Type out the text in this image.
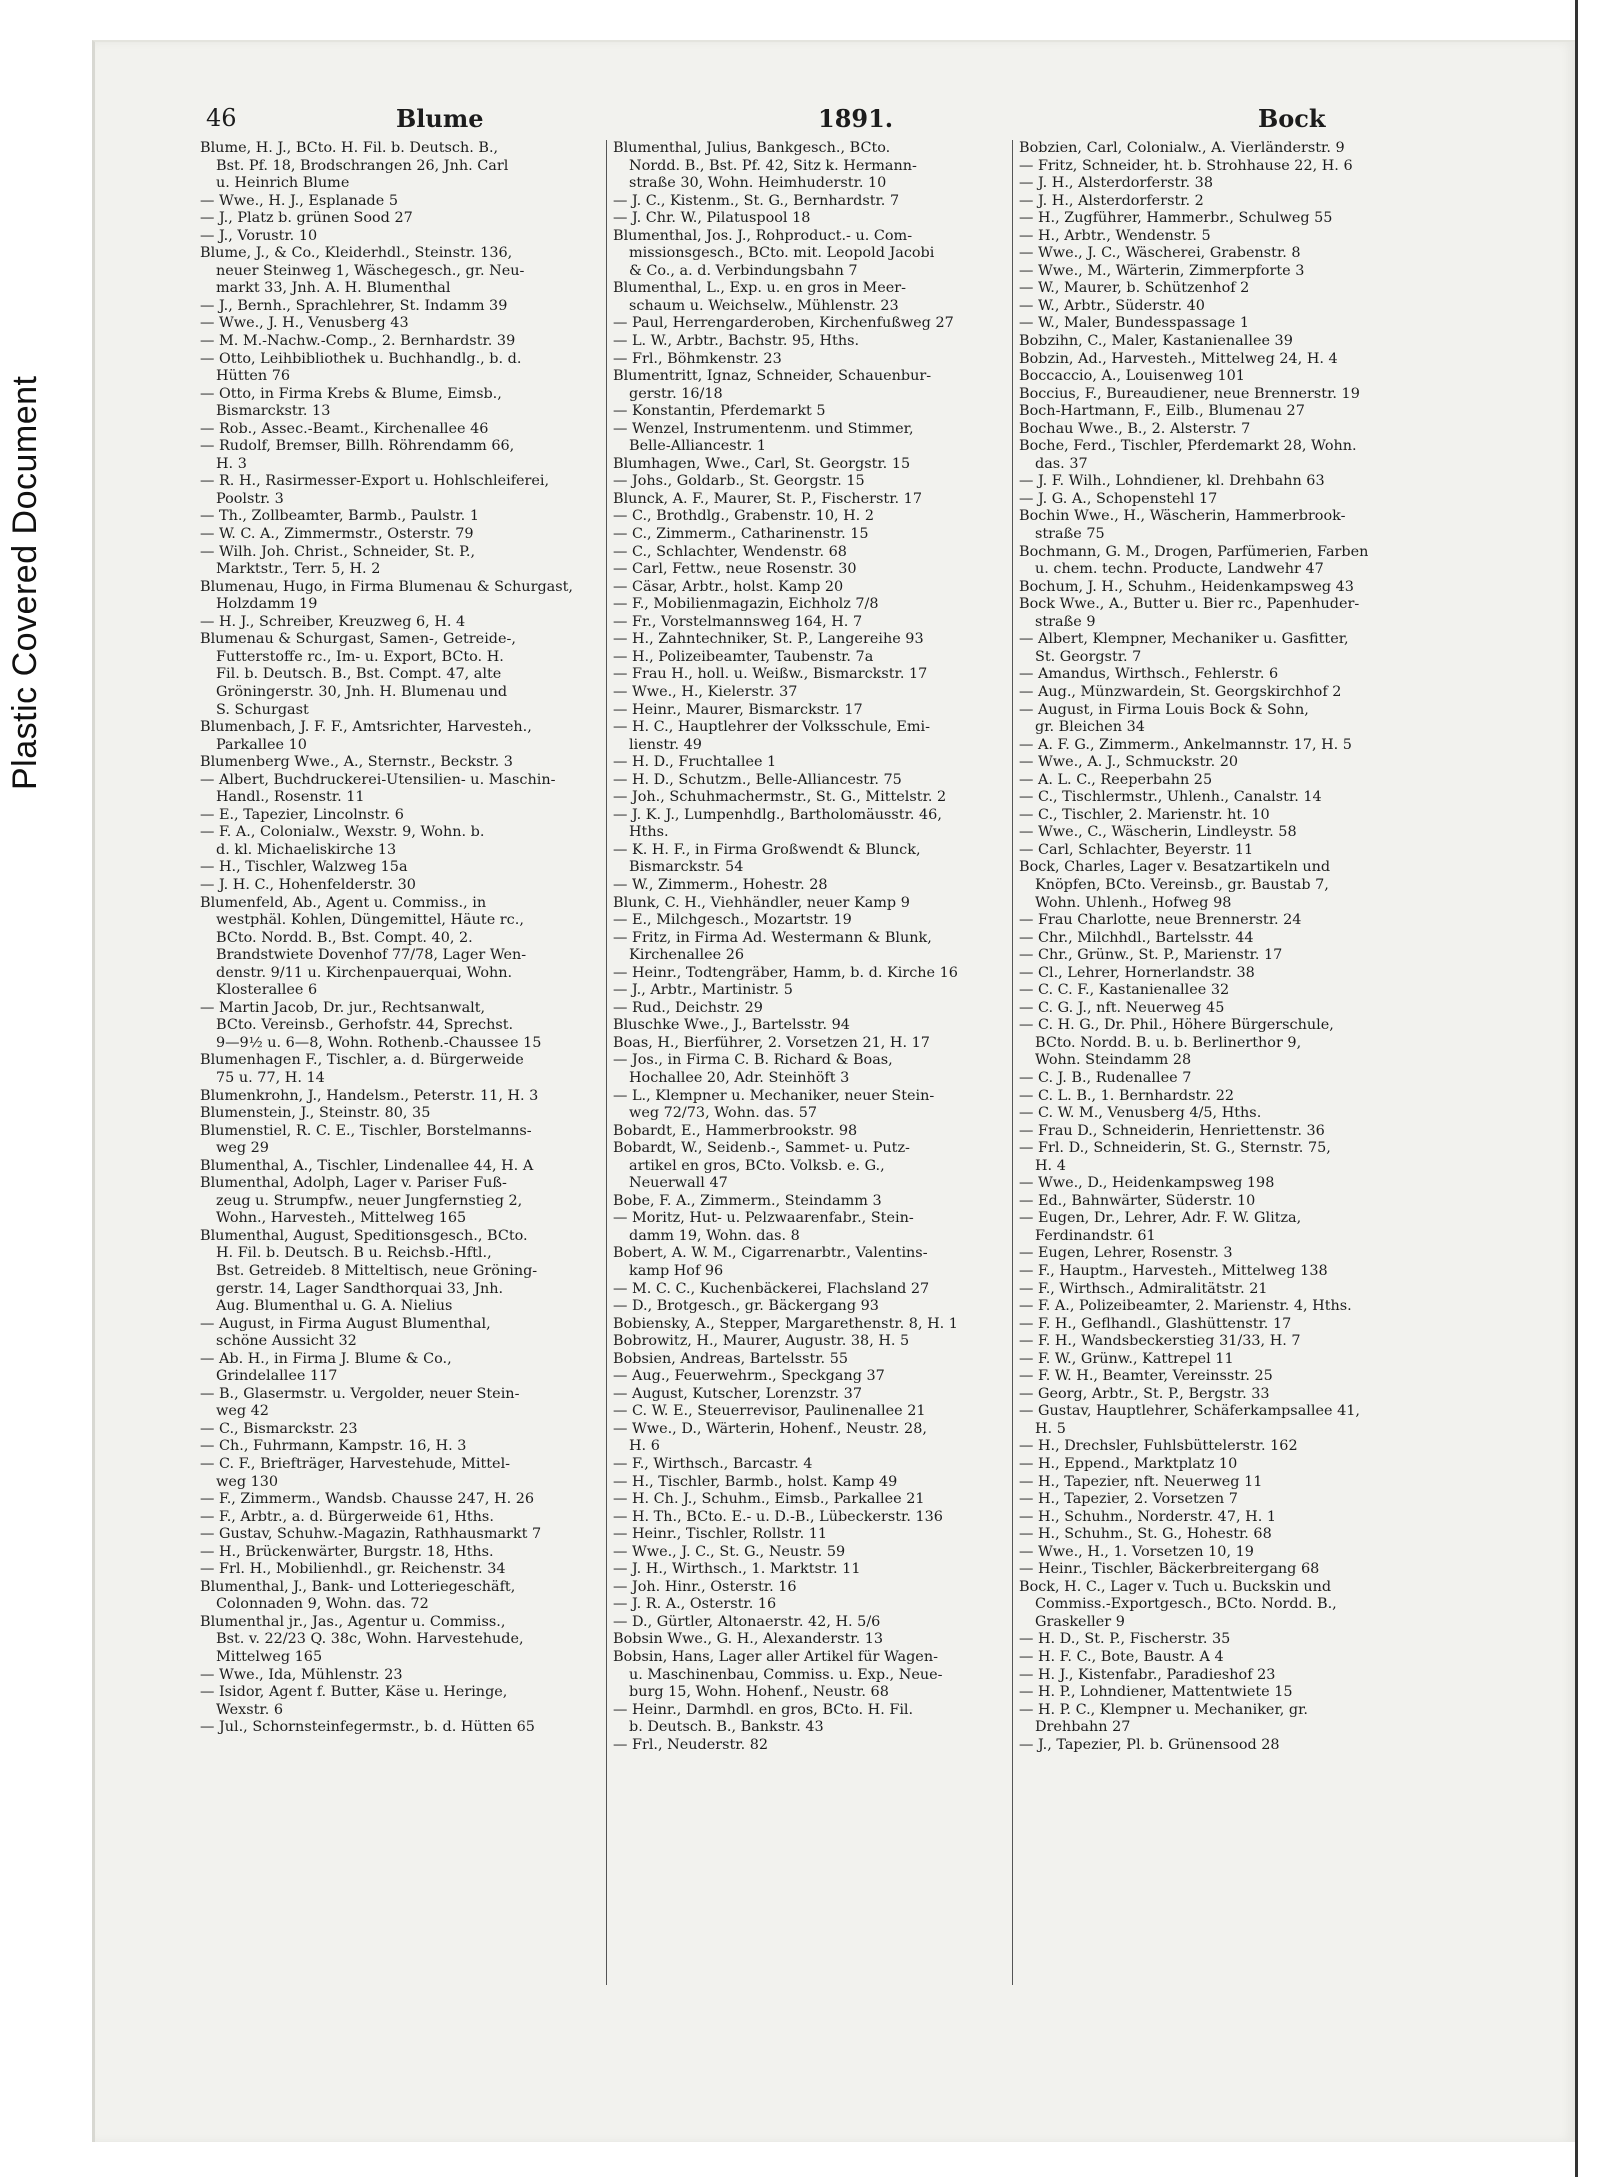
Plastic Covered Document
46	Blume	1891.	Bock
Blume, H. J., BCto. H. Fil. b. Deutsch. B.,
Bst. Pf. 18, Brodschrangen 26, Jnh. Carl
u. Heinrich Blume
— Wwe., H. J., Esplanade 5
— J., Platz b. grünen Sood 27
— J., Vorustr. 10
Blume, J., & Co., Kleiderhdl., Steinstr. 136,
neuer Steinweg 1, Wäschegesch., gr. Neu-
markt 33, Jnh. A. H. Blumenthal
— J., Bernh., Sprachlehrer, St. Indamm 39
— Wwe., J. H., Venusberg 43
— M. M.-Nachw.-Comp., 2. Bernhardstr. 39
— Otto, Leihbibliothek u. Buchhandlg., b. d.
Hütten 76
— Otto, in Firma Krebs & Blume, Eimsb.,
Bismarckstr. 13
— Rob., Assec.-Beamt., Kirchenallee 46
— Rudolf, Bremser, Billh. Röhrendamm 66,
H. 3
— R. H., Rasirmesser-Export u. Hohlschleiferei,
Poolstr. 3
— Th., Zollbeamter, Barmb., Paulstr. 1
— W. C. A., Zimmermstr., Osterstr. 79
— Wilh. Joh. Christ., Schneider, St. P.,
Marktstr., Terr. 5, H. 2
Blumenau, Hugo, in Firma Blumenau & Schurgast,
Holzdamm 19
— H. J., Schreiber, Kreuzweg 6, H. 4
Blumenau & Schurgast, Samen-, Getreide-,
Futterstoffe rc., Im- u. Export, BCto. H.
Fil. b. Deutsch. B., Bst. Compt. 47, alte
Gröningerstr. 30, Jnh. H. Blumenau und
S. Schurgast
Blumenbach, J. F. F., Amtsrichter, Harvesteh.,
Parkallee 10
Blumenberg Wwe., A., Sternstr., Beckstr. 3
— Albert, Buchdruckerei-Utensilien- u. Maschin-
Handl., Rosenstr. 11
— E., Tapezier, Lincolnstr. 6
— F. A., Colonialw., Wexstr. 9, Wohn. b.
d. kl. Michaeliskirche 13
— H., Tischler, Walzweg 15a
— J. H. C., Hohenfelderstr. 30
Blumenfeld, Ab., Agent u. Commiss., in
westphäl. Kohlen, Düngemittel, Häute rc.,
BCto. Nordd. B., Bst. Compt. 40, 2.
Brandstwiete Dovenhof 77/78, Lager Wen-
denstr. 9/11 u. Kirchenpauerquai, Wohn.
Klosterallee 6
— Martin Jacob, Dr. jur., Rechtsanwalt,
BCto. Vereinsb., Gerhofstr. 44, Sprechst.
9—9½ u. 6—8, Wohn. Rothenb.-Chaussee 15
Blumenhagen F., Tischler, a. d. Bürgerweide
75 u. 77, H. 14
Blumenkrohn, J., Handelsm., Peterstr. 11, H. 3
Blumenstein, J., Steinstr. 80, 35
Blumenstiel, R. C. E., Tischler, Borstelmanns-
weg 29
Blumenthal, A., Tischler, Lindenallee 44, H. A
Blumenthal, Adolph, Lager v. Pariser Fuß-
zeug u. Strumpfw., neuer Jungfernstieg 2,
Wohn., Harvesteh., Mittelweg 165
Blumenthal, August, Speditionsgesch., BCto.
H. Fil. b. Deutsch. B u. Reichsb.-Hftl.,
Bst. Getreideb. 8 Mitteltisch, neue Gröning-
gerstr. 14, Lager Sandthorquai 33, Jnh.
Aug. Blumenthal u. G. A. Nielius
— August, in Firma August Blumenthal,
schöne Aussicht 32
— Ab. H., in Firma J. Blume & Co.,
Grindelallee 117
— B., Glasermstr. u. Vergolder, neuer Stein-
weg 42
— C., Bismarckstr. 23
— Ch., Fuhrmann, Kampstr. 16, H. 3
— C. F., Briefträger, Harvestehude, Mittel-
weg 130
— F., Zimmerm., Wandsb. Chausse 247, H. 26
— F., Arbtr., a. d. Bürgerweide 61, Hths.
— Gustav, Schuhw.-Magazin, Rathhausmarkt 7
— H., Brückenwärter, Burgstr. 18, Hths.
— Frl. H., Mobilienhdl., gr. Reichenstr. 34
Blumenthal, J., Bank- und Lotteriegeschäft,
Colonnaden 9, Wohn. das. 72
Blumenthal jr., Jas., Agentur u. Commiss.,
Bst. v. 22/23 Q. 38c, Wohn. Harvestehude,
Mittelweg 165
— Wwe., Ida, Mühlenstr. 23
— Isidor, Agent f. Butter, Käse u. Heringe,
Wexstr. 6
— Jul., Schornsteinfegermstr., b. d. Hütten 65
Blumenthal, Julius, Bankgesch., BCto.
Nordd. B., Bst. Pf. 42, Sitz k. Hermann-
straße 30, Wohn. Heimhuderstr. 10
— J. C., Kistenm., St. G., Bernhardstr. 7
— J. Chr. W., Pilatuspool 18
Blumenthal, Jos. J., Rohproduct.- u. Com-
missionsgesch., BCto. mit. Leopold Jacobi
& Co., a. d. Verbindungsbahn 7
Blumenthal, L., Exp. u. en gros in Meer-
schaum u. Weichselw., Mühlenstr. 23
— Paul, Herrengarderoben, Kirchenfußweg 27
— L. W., Arbtr., Bachstr. 95, Hths.
— Frl., Böhmkenstr. 23
Blumentritt, Ignaz, Schneider, Schauenbur-
gerstr. 16/18
— Konstantin, Pferdemarkt 5
— Wenzel, Instrumentenm. und Stimmer,
Belle-Alliancestr. 1
Blumhagen, Wwe., Carl, St. Georgstr. 15
— Johs., Goldarb., St. Georgstr. 15
Blunck, A. F., Maurer, St. P., Fischerstr. 17
— C., Brothdlg., Grabenstr. 10, H. 2
— C., Zimmerm., Catharinenstr. 15
— C., Schlachter, Wendenstr. 68
— Carl, Fettw., neue Rosenstr. 30
— Cäsar, Arbtr., holst. Kamp 20
— F., Mobilienmagazin, Eichholz 7/8
— Fr., Vorstelmannsweg 164, H. 7
— H., Zahntechniker, St. P., Langereihe 93
— H., Polizeibeamter, Taubenstr. 7a
— Frau H., holl. u. Weißw., Bismarckstr. 17
— Wwe., H., Kielerstr. 37
— Heinr., Maurer, Bismarckstr. 17
— H. C., Hauptlehrer der Volksschule, Emi-
lienstr. 49
— H. D., Fruchtallee 1
— H. D., Schutzm., Belle-Alliancestr. 75
— Joh., Schuhmachermstr., St. G., Mittelstr. 2
— J. K. J., Lumpenhdlg., Bartholomäusstr. 46,
Hths.
— K. H. F., in Firma Großwendt & Blunck,
Bismarckstr. 54
— W., Zimmerm., Hohestr. 28
Blunk, C. H., Viehhändler, neuer Kamp 9
— E., Milchgesch., Mozartstr. 19
— Fritz, in Firma Ad. Westermann & Blunk,
Kirchenallee 26
— Heinr., Todtengräber, Hamm, b. d. Kirche 16
— J., Arbtr., Martinistr. 5
— Rud., Deichstr. 29
Bluschke Wwe., J., Bartelsstr. 94
Boas, H., Bierführer, 2. Vorsetzen 21, H. 17
— Jos., in Firma C. B. Richard & Boas,
Hochallee 20, Adr. Steinhöft 3
— L., Klempner u. Mechaniker, neuer Stein-
weg 72/73, Wohn. das. 57
Bobardt, E., Hammerbrookstr. 98
Bobardt, W., Seidenb.-, Sammet- u. Putz-
artikel en gros, BCto. Volksb. e. G.,
Neuerwall 47
Bobe, F. A., Zimmerm., Steindamm 3
— Moritz, Hut- u. Pelzwaarenfabr., Stein-
damm 19, Wohn. das. 8
Bobert, A. W. M., Cigarrenarbtr., Valentins-
kamp Hof 96
— M. C. C., Kuchenbäckerei, Flachsland 27
— D., Brotgesch., gr. Bäckergang 93
Bobiensky, A., Stepper, Margarethenstr. 8, H. 1
Bobrowitz, H., Maurer, Augustr. 38, H. 5
Bobsien, Andreas, Bartelsstr. 55
— Aug., Feuerwehrm., Speckgang 37
— August, Kutscher, Lorenzstr. 37
— C. W. E., Steuerrevisor, Paulinenallee 21
— Wwe., D., Wärterin, Hohenf., Neustr. 28,
H. 6
— F., Wirthsch., Barcastr. 4
— H., Tischler, Barmb., holst. Kamp 49
— H. Ch. J., Schuhm., Eimsb., Parkallee 21
— H. Th., BCto. E.- u. D.-B., Lübeckerstr. 136
— Heinr., Tischler, Rollstr. 11
— Wwe., J. C., St. G., Neustr. 59
— J. H., Wirthsch., 1. Marktstr. 11
— Joh. Hinr., Osterstr. 16
— J. R. A., Osterstr. 16
— D., Gürtler, Altonaerstr. 42, H. 5/6
Bobsin Wwe., G. H., Alexanderstr. 13
Bobsin, Hans, Lager aller Artikel für Wagen-
u. Maschinenbau, Commiss. u. Exp., Neue-
burg 15, Wohn. Hohenf., Neustr. 68
— Heinr., Darmhdl. en gros, BCto. H. Fil.
b. Deutsch. B., Bankstr. 43
— Frl., Neuderstr. 82
Bobzien, Carl, Colonialw., A. Vierländerstr. 9
— Fritz, Schneider, ht. b. Strohhause 22, H. 6
— J. H., Alsterdorferstr. 38
— J. H., Alsterdorferstr. 2
— H., Zugführer, Hammerbr., Schulweg 55
— H., Arbtr., Wendenstr. 5
— Wwe., J. C., Wäscherei, Grabenstr. 8
— Wwe., M., Wärterin, Zimmerpforte 3
— W., Maurer, b. Schützenhof 2
— W., Arbtr., Süderstr. 40
— W., Maler, Bundesspassage 1
Bobzihn, C., Maler, Kastanienallee 39
Bobzin, Ad., Harvesteh., Mittelweg 24, H. 4
Boccaccio, A., Louisenweg 101
Boccius, F., Bureaudiener, neue Brennerstr. 19
Boch-Hartmann, F., Eilb., Blumenau 27
Bochau Wwe., B., 2. Alsterstr. 7
Boche, Ferd., Tischler, Pferdemarkt 28, Wohn.
das. 37
— J. F. Wilh., Lohndiener, kl. Drehbahn 63
— J. G. A., Schopenstehl 17
Bochin Wwe., H., Wäscherin, Hammerbrook-
straße 75
Bochmann, G. M., Drogen, Parfümerien, Farben
u. chem. techn. Producte, Landwehr 47
Bochum, J. H., Schuhm., Heidenkampsweg 43
Bock Wwe., A., Butter u. Bier rc., Papenhuder-
straße 9
— Albert, Klempner, Mechaniker u. Gasfitter,
St. Georgstr. 7
— Amandus, Wirthsch., Fehlerstr. 6
— Aug., Münzwardein, St. Georgskirchhof 2
— August, in Firma Louis Bock & Sohn,
gr. Bleichen 34
— A. F. G., Zimmerm., Ankelmannstr. 17, H. 5
— Wwe., A. J., Schmuckstr. 20
— A. L. C., Reeperbahn 25
— C., Tischlermstr., Uhlenh., Canalstr. 14
— C., Tischler, 2. Marienstr. ht. 10
— Wwe., C., Wäscherin, Lindleystr. 58
— Carl, Schlachter, Beyerstr. 11
Bock, Charles, Lager v. Besatzartikeln und
Knöpfen, BCto. Vereinsb., gr. Baustab 7,
Wohn. Uhlenh., Hofweg 98
— Frau Charlotte, neue Brennerstr. 24
— Chr., Milchhdl., Bartelsstr. 44
— Chr., Grünw., St. P., Marienstr. 17
— Cl., Lehrer, Hornerlandstr. 38
— C. C. F., Kastanienallee 32
— C. G. J., nft. Neuerweg 45
— C. H. G., Dr. Phil., Höhere Bürgerschule,
BCto. Nordd. B. u. b. Berlinerthor 9,
Wohn. Steindamm 28
— C. J. B., Rudenallee 7
— C. L. B., 1. Bernhardstr. 22
— C. W. M., Venusberg 4/5, Hths.
— Frau D., Schneiderin, Henriettenstr. 36
— Frl. D., Schneiderin, St. G., Sternstr. 75,
H. 4
— Wwe., D., Heidenkampsweg 198
— Ed., Bahnwärter, Süderstr. 10
— Eugen, Dr., Lehrer, Adr. F. W. Glitza,
Ferdinandstr. 61
— Eugen, Lehrer, Rosenstr. 3
— F., Hauptm., Harvesteh., Mittelweg 138
— F., Wirthsch., Admiralitätstr. 21
— F. A., Polizeibeamter, 2. Marienstr. 4, Hths.
— F. H., Geflhandl., Glashüttenstr. 17
— F. H., Wandsbeckerstieg 31/33, H. 7
— F. W., Grünw., Kattrepel 11
— F. W. H., Beamter, Vereinsstr. 25
— Georg, Arbtr., St. P., Bergstr. 33
— Gustav, Hauptlehrer, Schäferkampsallee 41,
H. 5
— H., Drechsler, Fuhlsbüttelerstr. 162
— H., Eppend., Marktplatz 10
— H., Tapezier, nft. Neuerweg 11
— H., Tapezier, 2. Vorsetzen 7
— H., Schuhm., Norderstr. 47, H. 1
— H., Schuhm., St. G., Hohestr. 68
— Wwe., H., 1. Vorsetzen 10, 19
— Heinr., Tischler, Bäckerbreitergang 68
Bock, H. C., Lager v. Tuch u. Buckskin und
Commiss.-Exportgesch., BCto. Nordd. B.,
Graskeller 9
— H. D., St. P., Fischerstr. 35
— H. F. C., Bote, Baustr. A 4
— H. J., Kistenfabr., Paradieshof 23
— H. P., Lohndiener, Mattentwiete 15
— H. P. C., Klempner u. Mechaniker, gr.
Drehbahn 27
— J., Tapezier, Pl. b. Grünensood 28
